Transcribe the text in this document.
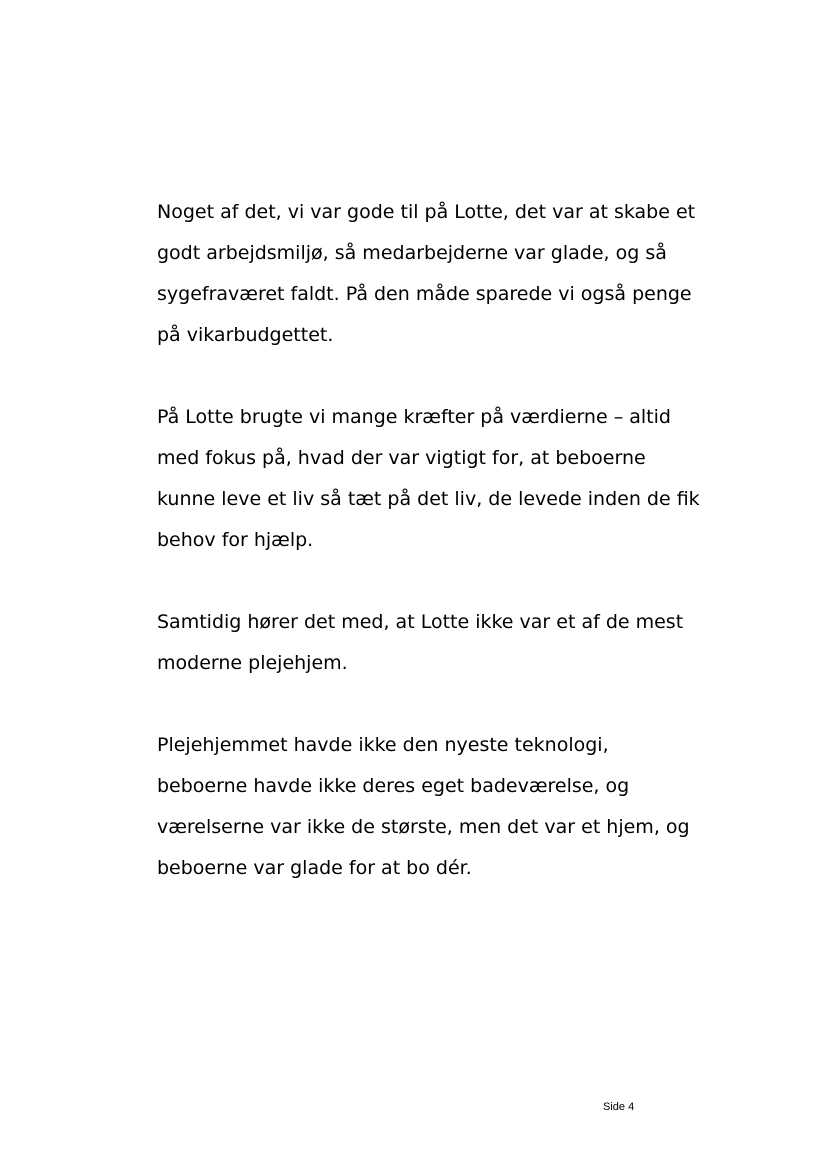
Noget af det, vi var gode til på Lotte, det var at skabe et
godt arbejdsmiljø, så medarbejderne var glade, og så
sygefraværet faldt. På den måde sparede vi også penge
på vikarbudgettet.

På Lotte brugte vi mange kræfter på værdierne – altid
med fokus på, hvad der var vigtigt for, at beboerne
kunne leve et liv så tæt på det liv, de levede inden de fik
behov for hjælp.

Samtidig hører det med, at Lotte ikke var et af de mest
moderne plejehjem.

Plejehjemmet havde ikke den nyeste teknologi,
beboerne havde ikke deres eget badeværelse, og
værelserne var ikke de største, men det var et hjem, og
beboerne var glade for at bo dér.

Side 4
